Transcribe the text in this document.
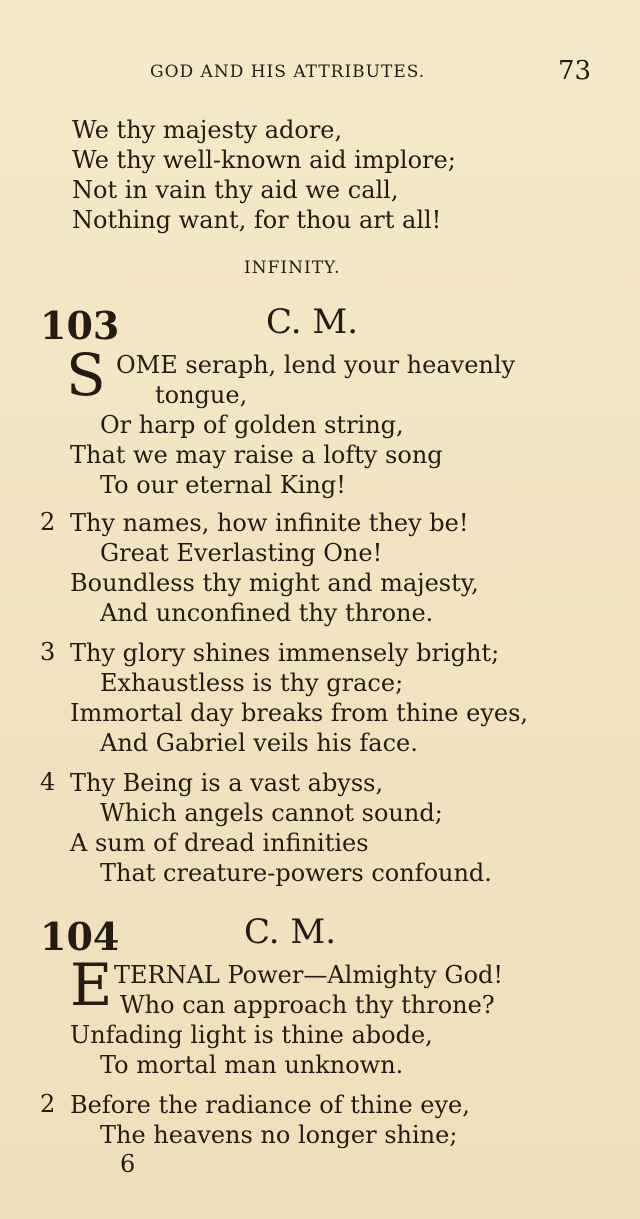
GOD AND HIS ATTRIBUTES.	73
We thy majesty adore,
We thy well-known aid implore;
Not in vain thy aid we call,
Nothing want, for thou art all!
INFINITY.
103	C. M.
S OME seraph, lend your heavenly
tongue,
Or harp of golden string,
That we may raise a lofty song
To our eternal King!
2 Thy names, how infinite they be!
Great Everlasting One!
Boundless thy might and majesty,
And unconfined thy throne.
3 Thy glory shines immensely bright;
Exhaustless is thy grace;
Immortal day breaks from thine eyes,
And Gabriel veils his face.
4 Thy Being is a vast abyss,
Which angels cannot sound;
A sum of dread infinities
That creature-powers confound.
104	C. M.
E TERNAL Power—Almighty God!
Who can approach thy throne?
Unfading light is thine abode,
To mortal man unknown.
2 Before the radiance of thine eye,
The heavens no longer shine;
6
